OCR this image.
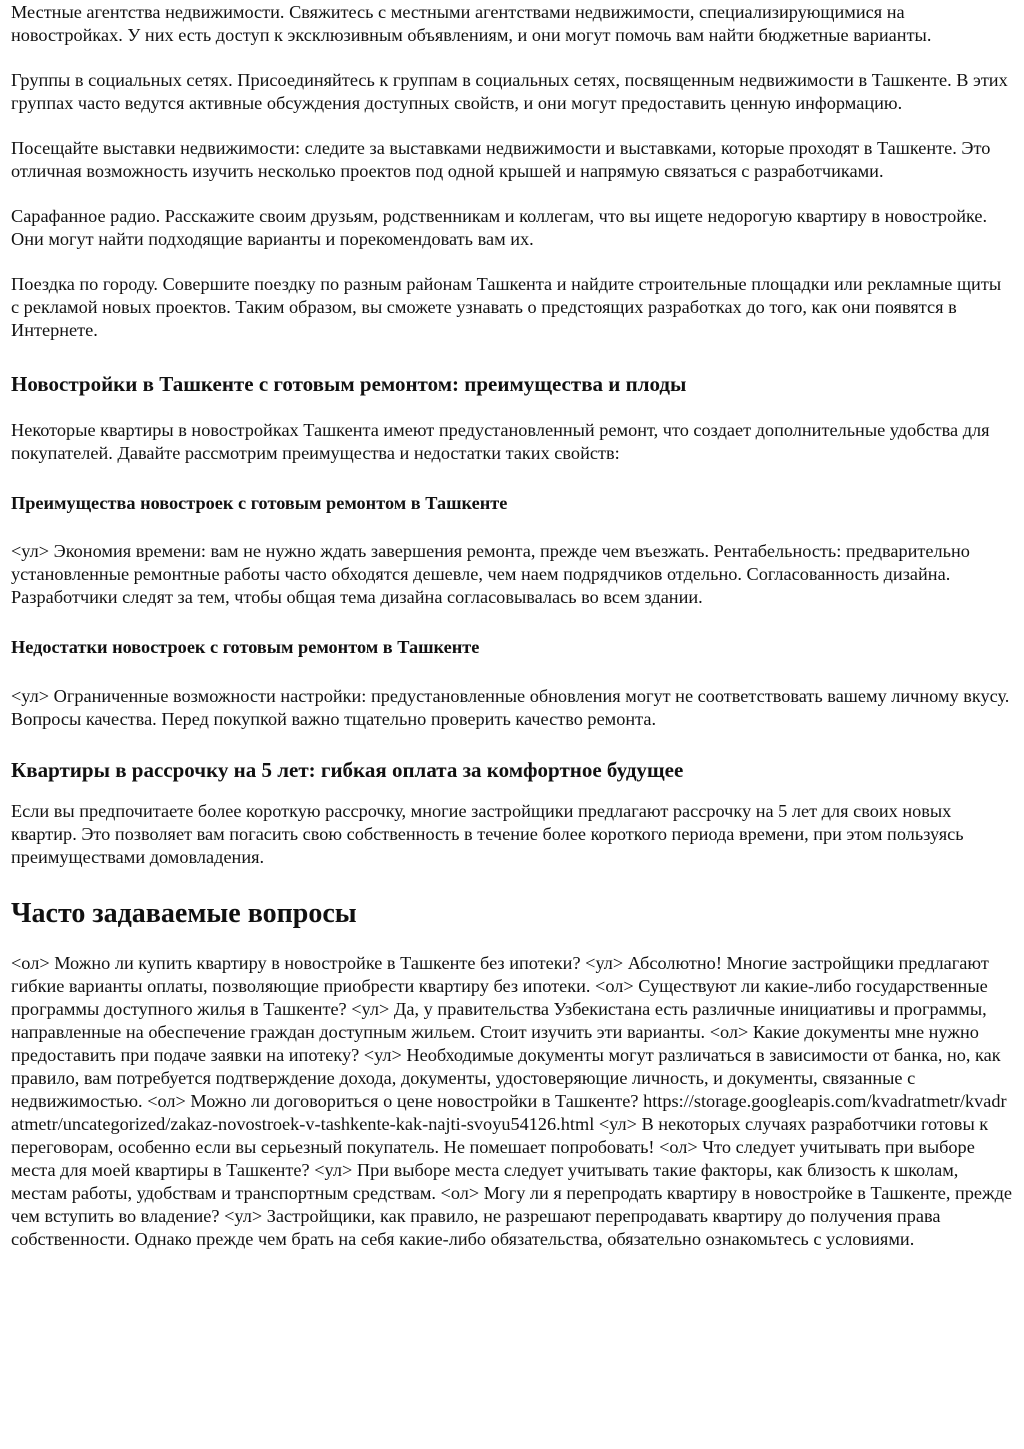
Местные агентства недвижимости. Свяжитесь с местными агентствами недвижимости, специализирующимися на новостройках. У них есть доступ к эксклюзивным объявлениям, и они могут помочь вам найти бюджетные варианты.

Группы в социальных сетях. Присоединяйтесь к группам в социальных сетях, посвященным недвижимости в Ташкенте. В этих группах часто ведутся активные обсуждения доступных свойств, и они могут предоставить ценную информацию.

Посещайте выставки недвижимости: следите за выставками недвижимости и выставками, которые проходят в Ташкенте. Это отличная возможность изучить несколько проектов под одной крышей и напрямую связаться с разработчиками.

Сарафанное радио. Расскажите своим друзьям, родственникам и коллегам, что вы ищете недорогую квартиру в новостройке. Они могут найти подходящие варианты и порекомендовать вам их.

Поездка по городу. Совершите поездку по разным районам Ташкента и найдите строительные площадки или рекламные щиты с рекламой новых проектов. Таким образом, вы сможете узнавать о предстоящих разработках до того, как они появятся в Интернете.

Новостройки в Ташкенте с готовым ремонтом: преимущества и плоды

Некоторые квартиры в новостройках Ташкента имеют предустановленный ремонт, что создает дополнительные удобства для покупателей. Давайте рассмотрим преимущества и недостатки таких свойств:

Преимущества новостроек с готовым ремонтом в Ташкенте

<ул> Экономия времени: вам не нужно ждать завершения ремонта, прежде чем въезжать. Рентабельность: предварительно установленные ремонтные работы часто обходятся дешевле, чем наем подрядчиков отдельно. Согласованность дизайна. Разработчики следят за тем, чтобы общая тема дизайна согласовывалась во всем здании.

Недостатки новостроек с готовым ремонтом в Ташкенте

<ул> Ограниченные возможности настройки: предустановленные обновления могут не соответствовать вашему личному вкусу. Вопросы качества. Перед покупкой важно тщательно проверить качество ремонта.

Квартиры в рассрочку на 5 лет: гибкая оплата за комфортное будущее

Если вы предпочитаете более короткую рассрочку, многие застройщики предлагают рассрочку на 5 лет для своих новых квартир. Это позволяет вам погасить свою собственность в течение более короткого периода времени, при этом пользуясь преимуществами домовладения.

Часто задаваемые вопросы

<ол> Можно ли купить квартиру в новостройке в Ташкенте без ипотеки? <ул> Абсолютно! Многие застройщики предлагают гибкие варианты оплаты, позволяющие приобрести квартиру без ипотеки. <ол> Существуют ли какие-либо государственные программы доступного жилья в Ташкенте? <ул> Да, у правительства Узбекистана есть различные инициативы и программы, направленные на обеспечение граждан доступным жильем. Стоит изучить эти варианты. <ол> Какие документы мне нужно предоставить при подаче заявки на ипотеку? <ул> Необходимые документы могут различаться в зависимости от банка, но, как правило, вам потребуется подтверждение дохода, документы, удостоверяющие личность, и документы, связанные с недвижимостью. <ол> Можно ли договориться о цене новостройки в Ташкенте? https://storage.googleapis.com/kvadratmetr/kvadratmetr/uncategorized/zakaz-novostroek-v-tashkente-kak-najti-svoyu54126.html <ул> В некоторых случаях разработчики готовы к переговорам, особенно если вы серьезный покупатель. Не помешает попробовать! <ол> Что следует учитывать при выборе места для моей квартиры в Ташкенте? <ул> При выборе места следует учитывать такие факторы, как близость к школам, местам работы, удобствам и транспортным средствам. <ол> Могу ли я перепродать квартиру в новостройке в Ташкенте, прежде чем вступить во владение? <ул> Застройщики, как правило, не разрешают перепродавать квартиру до получения права собственности. Однако прежде чем брать на себя какие-либо обязательства, обязательно ознакомьтесь с условиями.
